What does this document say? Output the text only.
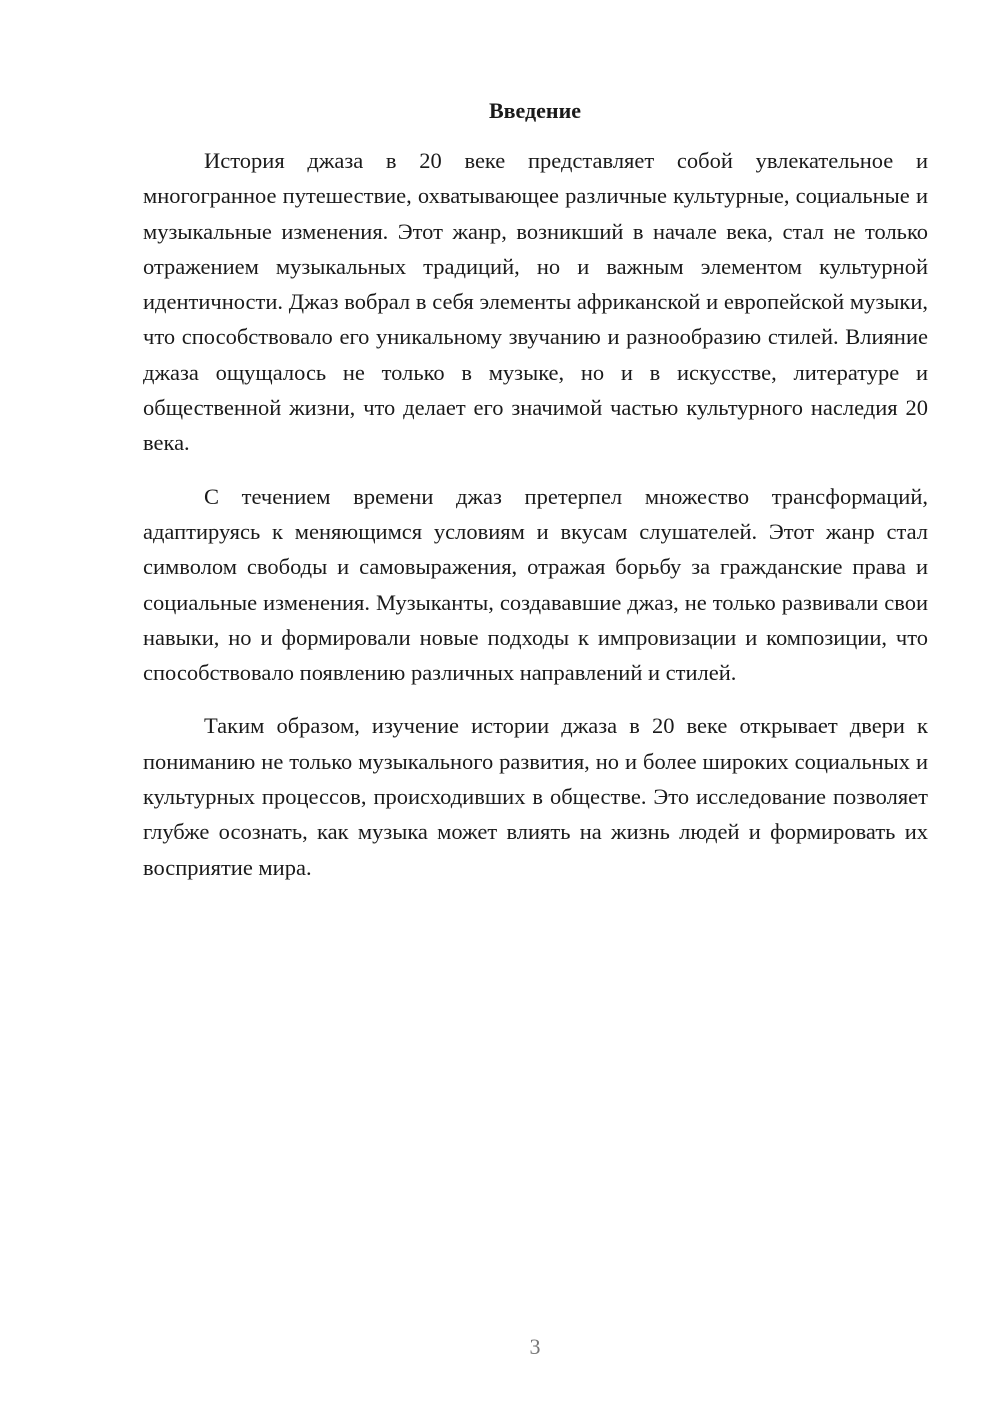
Введение

История джаза в 20 веке представляет собой увлекательное и многогранное путешествие, охватывающее различные культурные, социальные и музыкальные изменения. Этот жанр, возникший в начале века, стал не только отражением музыкальных традиций, но и важным элементом культурной идентичности. Джаз вобрал в себя элементы африканской и европейской музыки, что способствовало его уникальному звучанию и разнообразию стилей. Влияние джаза ощущалось не только в музыке, но и в искусстве, литературе и общественной жизни, что делает его значимой частью культурного наследия 20 века.

С течением времени джаз претерпел множество трансформаций, адаптируясь к меняющимся условиям и вкусам слушателей. Этот жанр стал символом свободы и самовыражения, отражая борьбу за гражданские права и социальные изменения. Музыканты, создававшие джаз, не только развивали свои навыки, но и формировали новые подходы к импровизации и композиции, что способствовало появлению различных направлений и стилей.

Таким образом, изучение истории джаза в 20 веке открывает двери к пониманию не только музыкального развития, но и более широких социальных и культурных процессов, происходивших в обществе. Это исследование позволяет глубже осознать, как музыка может влиять на жизнь людей и формировать их восприятие мира.

3
